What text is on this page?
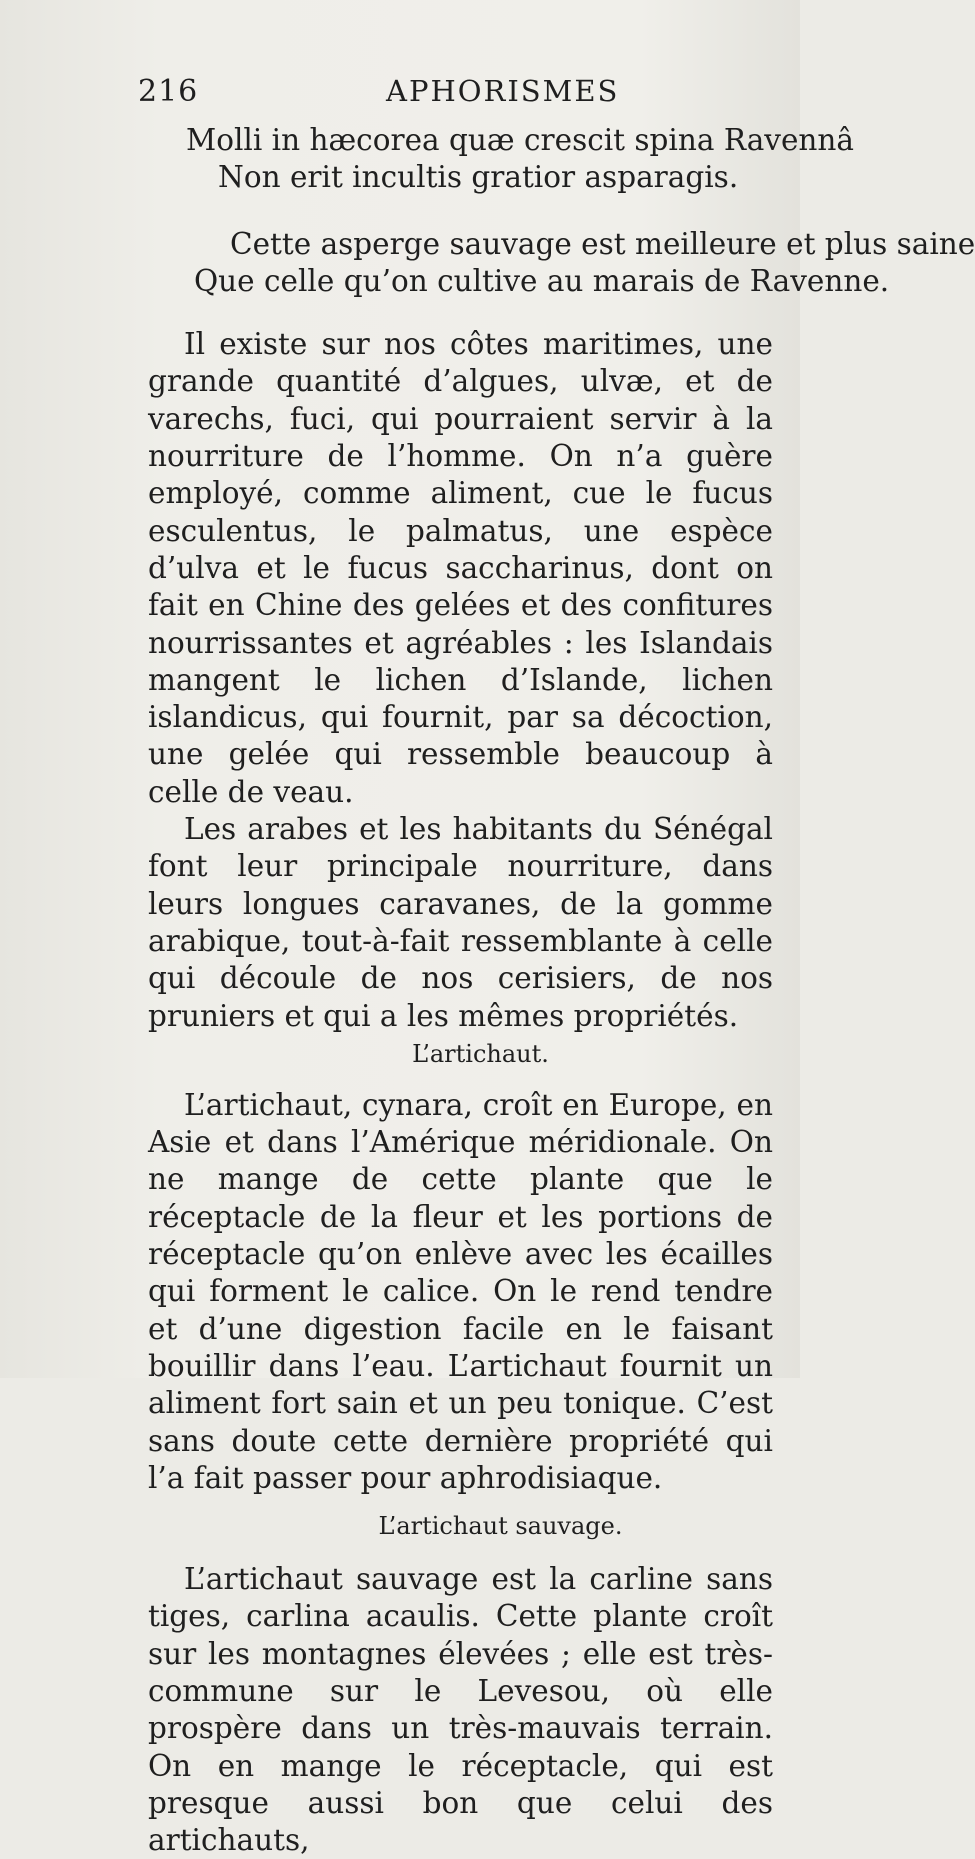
216	APHORISMES

Molli in hæcorea quæ crescit spina Ravennâ

Non erit incultis gratior asparagis.

Cette asperge sauvage est meilleure et plus saine

Que celle qu’on cultive au marais de Ravenne.

Il existe sur nos côtes maritimes, une grande quantité d’algues, ulvæ, et de varechs, fuci, qui pourraient servir à la nourriture de l’homme. On n’a guère employé, comme aliment, cue le fucus esculentus, le palmatus, une espèce d’ulva et le fucus saccharinus, dont on fait en Chine des gelées et des confitures nourrissantes et agréables : les Islandais mangent le lichen d’Islande, lichen islandicus, qui fournit, par sa décoction, une gelée qui ressemble beaucoup à celle de veau.

Les arabes et les habitants du Sénégal font leur principale nourriture, dans leurs longues caravanes, de la gomme arabique, tout-à-fait ressemblante à celle qui découle de nos cerisiers, de nos pruniers et qui a les mêmes propriétés.

L’artichaut.

L’artichaut, cynara, croît en Europe, en Asie et dans l’Amérique méridionale. On ne mange de cette plante que le réceptacle de la fleur et les portions de réceptacle qu’on enlève avec les écailles qui forment le calice. On le rend tendre et d’une digestion facile en le faisant bouillir dans l’eau. L’artichaut fournit un aliment fort sain et un peu tonique. C’est sans doute cette dernière propriété qui l’a fait passer pour aphrodisiaque.

L’artichaut sauvage.

L’artichaut sauvage est la carline sans tiges, carlina acaulis. Cette plante croît sur les montagnes élevées ; elle est très-commune sur le Levesou, où elle prospère dans un très-mauvais terrain. On en mange le réceptacle, qui est presque aussi bon que celui des artichauts,
